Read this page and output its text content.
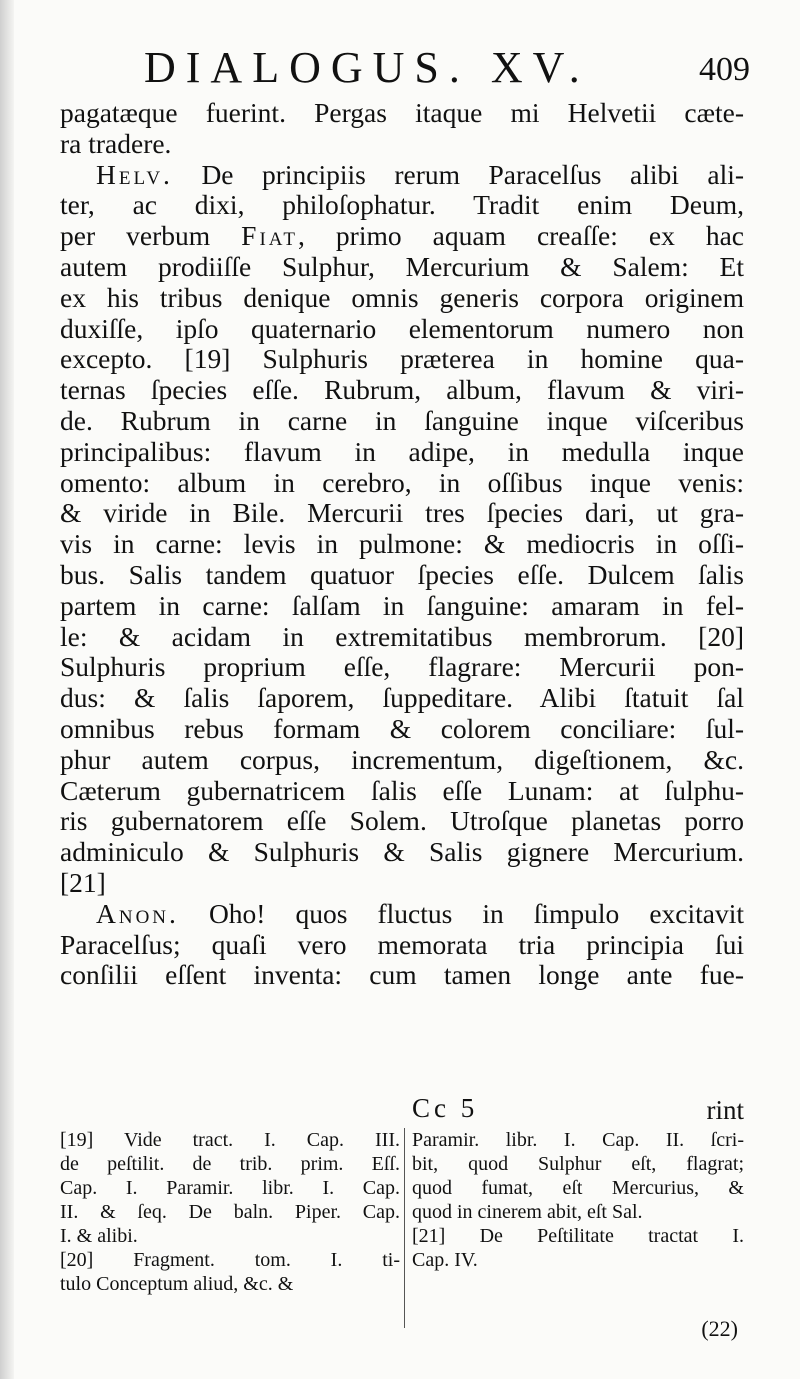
DIALOGUS. XV.	409
pagatæque fuerint. Pergas itaque mi Helvetii cæte-
ra tradere.
Helv. De principiis rerum Paracelſus alibi ali-
ter, ac dixi, philoſophatur. Tradit enim Deum,
per verbum Fiat, primo aquam creaſſe: ex hac
autem prodiiſſe Sulphur, Mercurium & Salem: Et
ex his tribus denique omnis generis corpora originem
duxiſſe, ipſo quaternario elementorum numero non
excepto. [19] Sulphuris præterea in homine qua-
ternas ſpecies eſſe. Rubrum, album, flavum & viri-
de. Rubrum in carne in ſanguine inque viſceribus
principalibus: flavum in adipe, in medulla inque
omento: album in cerebro, in oſſibus inque venis:
& viride in Bile. Mercurii tres ſpecies dari, ut gra-
vis in carne: levis in pulmone: & mediocris in oſſi-
bus. Salis tandem quatuor ſpecies eſſe. Dulcem ſalis
partem in carne: ſalſam in ſanguine: amaram in fel-
le: & acidam in extremitatibus membrorum. [20]
Sulphuris proprium eſſe, flagrare: Mercurii pon-
dus: & ſalis ſaporem, ſuppeditare. Alibi ſtatuit ſal
omnibus rebus formam & colorem conciliare: ſul-
phur autem corpus, incrementum, digeſtionem, &c.
Cæterum gubernatricem ſalis eſſe Lunam: at ſulphu-
ris gubernatorem eſſe Solem. Utroſque planetas porro
adminiculo & Sulphuris & Salis gignere Mercurium.
[21]
Anon. Oho! quos fluctus in ſimpulo excitavit
Paracelſus; quaſi vero memorata tria principia ſui
conſilii eſſent inventa: cum tamen longe ante fue-
Cc 5	rint
[19] Vide tract. I. Cap. III.
de peſtilit. de trib. prim. Eſſ.
Cap. I. Paramir. libr. I. Cap.
II. & ſeq. De baln. Piper. Cap.
I. & alibi.
[20] Fragment. tom. I. ti-
tulo Conceptum aliud, &c. &
Paramir. libr. I. Cap. II. ſcri-
bit, quod Sulphur eſt, flagrat;
quod fumat, eſt Mercurius, &
quod in cinerem abit, eſt Sal.
[21] De Peſtilitate tractat I.
Cap. IV.
(22)
